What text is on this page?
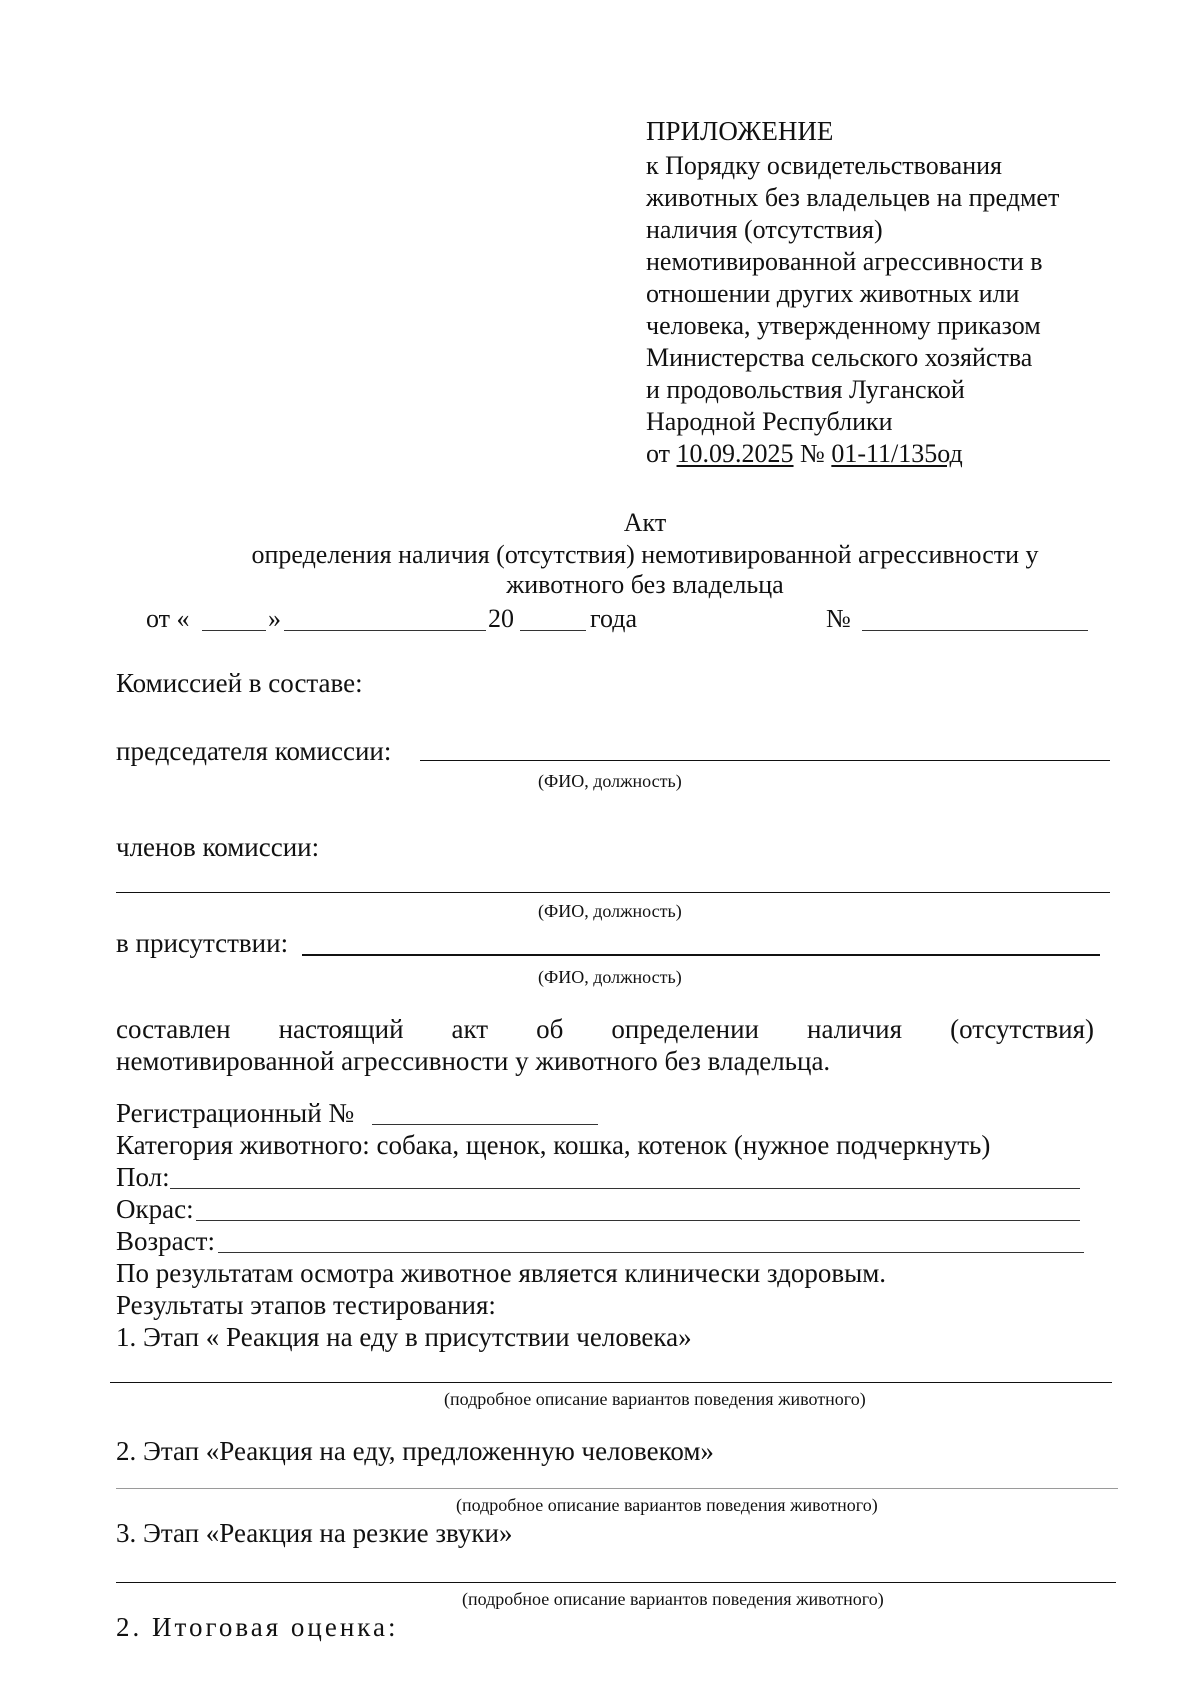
ПРИЛОЖЕНИЕ
к Порядку освидетельствования
животных без владельцев на предмет
наличия (отсутствия)
немотивированной агрессивности в
отношении других животных или
человека, утвержденному приказом
Министерства сельского хозяйства
и продовольствия Луганской
Народной Республики
от 10.09.2025 № 01-11/135од
Акт
определения наличия (отсутствия) немотивированной агрессивности у
животного без владельца
от «	»	20	года	№
Комиссией в составе:
председателя комиссии:
(ФИО, должность)
членов комиссии:
(ФИО, должность)
в присутствии:
(ФИО, должность)
составлен настоящий акт об определении наличия (отсутствия)
немотивированной агрессивности у животного без владельца.
Регистрационный №
Категория животного: собака, щенок, кошка, котенок (нужное подчеркнуть)
Пол:
Окрас:
Возраст:
По результатам осмотра животное является клинически здоровым.
Результаты этапов тестирования:
1. Этап « Реакция на еду в присутствии человека»
(подробное описание вариантов поведения животного)
2. Этап «Реакция на еду, предложенную человеком»
(подробное описание вариантов поведения животного)
3. Этап «Реакция на резкие звуки»
(подробное описание вариантов поведения животного)
2. Итоговая оценка:
